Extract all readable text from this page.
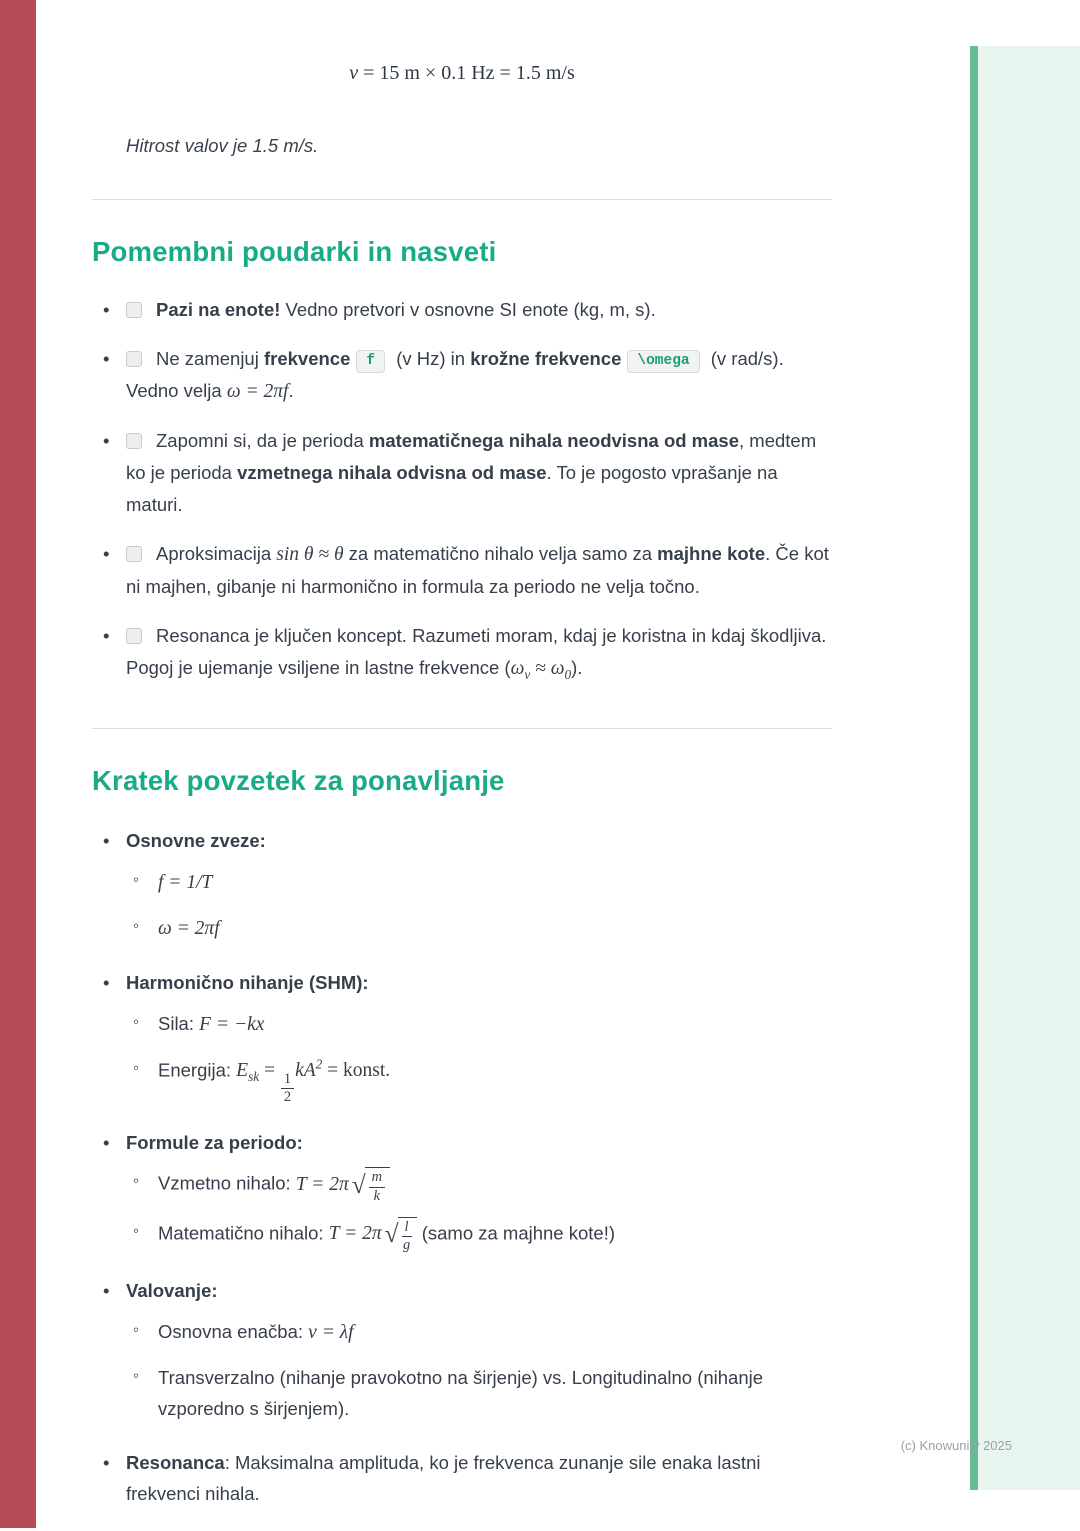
v = 15 m × 0.1 Hz = 1.5 m/s
Hitrost valov je 1.5 m/s.
Pomembni poudarki in nasveti
• Pazi na enote! Vedno pretvori v osnovne SI enote (kg, m, s).
• Ne zamenjuj frekvence f (v Hz) in krožne frekvence \omega (v rad/s). Vedno velja ω = 2πf.
• Zapomni si, da je perioda matematičnega nihala neodvisna od mase, medtem ko je perioda vzmetnega nihala odvisna od mase. To je pogosto vprašanje na maturi.
• Aproksimacija sin θ ≈ θ za matematično nihalo velja samo za majhne kote. Če kot ni majhen, gibanje ni harmonično in formula za periodo ne velja točno.
• Resonanca je ključen koncept. Razumeti moram, kdaj je koristna in kdaj škodljiva. Pogoj je ujemanje vsiljene in lastne frekvence $(\omega_v \approx \omega_0)$.
Kratek povzetek za ponavljanje
• Osnovne zveze:
◦ f = 1/T
◦ ω = 2πf
• Harmonično nihanje (SHM):
◦ Sila: F = −kx
◦ Energija: $E_{sk}$ =
$\frac{1}{2}$
$kA^2$ = konst.
• Formule za periodo:
◦ Vzmetno nihalo: T = 2π √ $\frac{m}{k}$
◦ Matematično nihalo: T = 2π √ $\frac{l}{g}$ (samo za majhne kote!)
• Valovanje:
◦ Osnovna enačba: v = λf
◦ Transverzalno (nihanje pravokotno na širjenje) vs. Longitudinalno (nihanje vzporedno s širjenjem).
• Resonanca: Maksimalna amplituda, ko je frekvenca zunanje sile enaka lastni frekvenci nihala.
(c) Knowunity 2025
